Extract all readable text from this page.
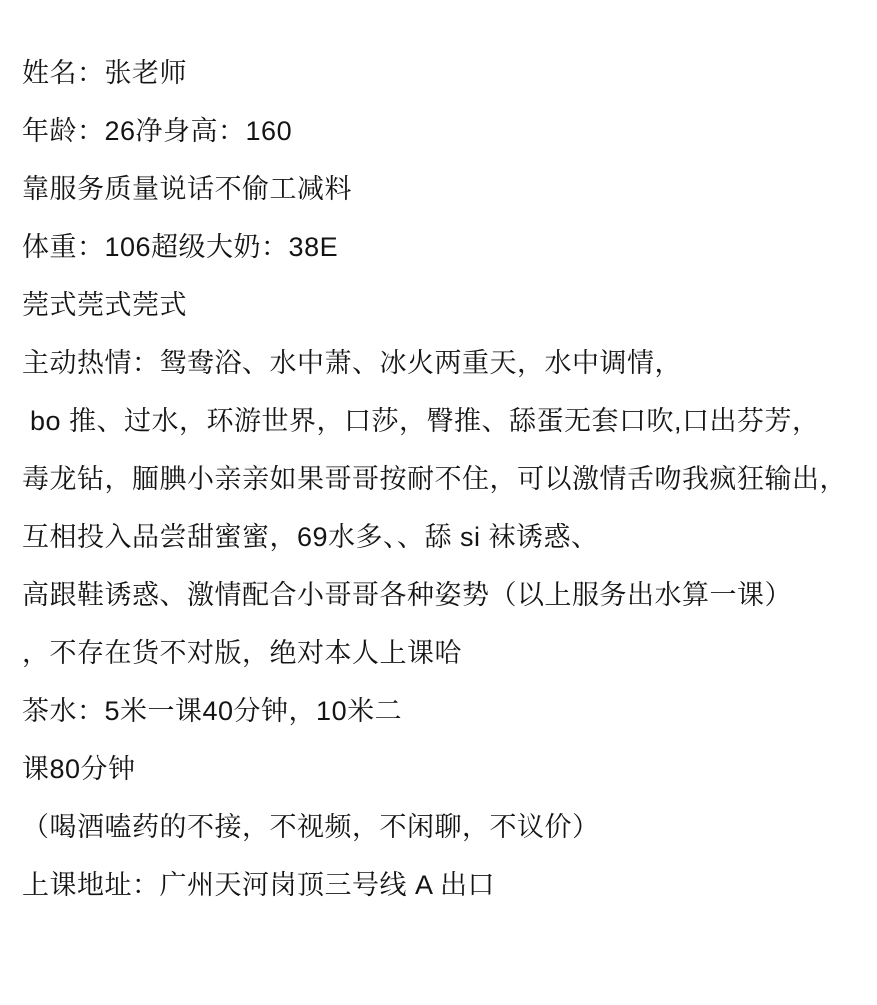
姓名：张老师
年龄：26净身高：160
靠服务质量说话不偷工减料
体重：106超级大奶：38E
莞式莞式莞式
主动热情：鸳鸯浴、水中萧、冰火两重天，水中调情，
bo 推、过水，环游世界，口莎，臀推、舔蛋无套口吹,口出芬芳，
毒龙钻，腼腆小亲亲如果哥哥按耐不住，可以激情舌吻我疯狂输出，
互相投入品尝甜蜜蜜，69水多、、舔 si 袜诱惑、
高跟鞋诱惑、激情配合小哥哥各种姿势（以上服务出水算一课）
，不存在货不对版，绝对本人上课哈
茶水：5米一课40分钟，10米二
课80分钟
（喝酒嗑药的不接，不视频，不闲聊，不议价）
上课地址：广州天河岗顶三号线 A 出口
